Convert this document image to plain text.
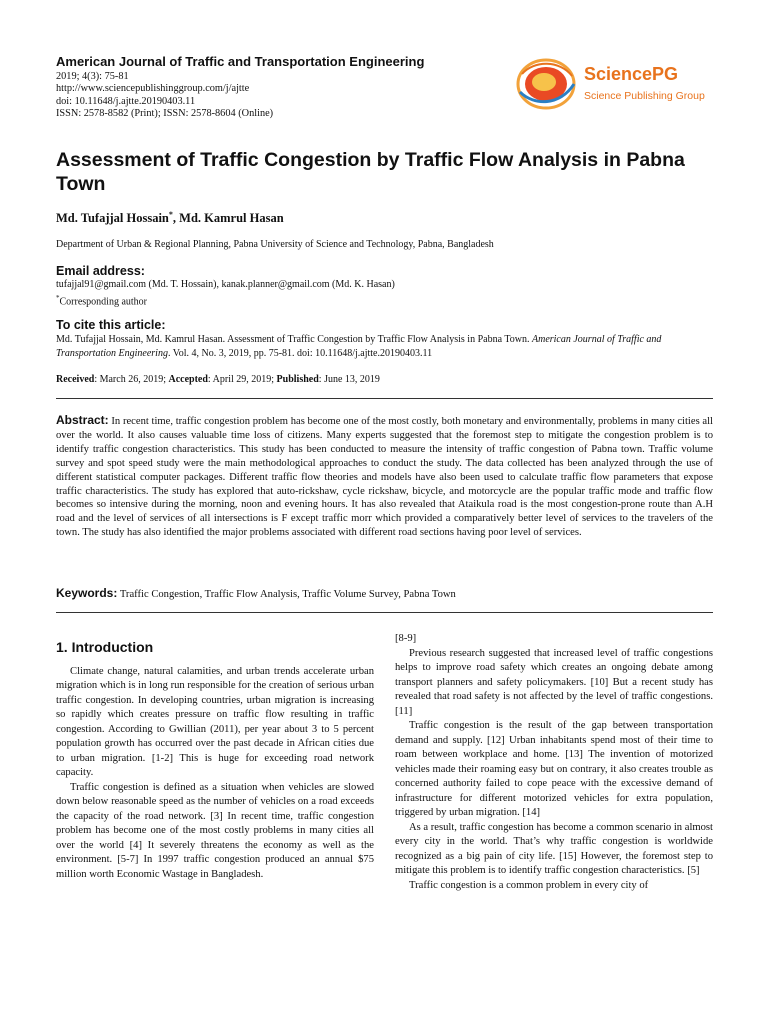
American Journal of Traffic and Transportation Engineering
2019; 4(3): 75-81
http://www.sciencepublishinggroup.com/j/ajtte
doi: 10.11648/j.ajtte.20190403.11
ISSN: 2578-8582 (Print); ISSN: 2578-8604 (Online)
SciencePG
Science Publishing Group
Assessment of Traffic Congestion by Traffic Flow Analysis in Pabna Town
Md. Tufajjal Hossain*, Md. Kamrul Hasan
Department of Urban & Regional Planning, Pabna University of Science and Technology, Pabna, Bangladesh
Email address:
tufajjal91@gmail.com (Md. T. Hossain), kanak.planner@gmail.com (Md. K. Hasan)
*Corresponding author
To cite this article:
Md. Tufajjal Hossain, Md. Kamrul Hasan. Assessment of Traffic Congestion by Traffic Flow Analysis in Pabna Town. American Journal of Traffic and Transportation Engineering. Vol. 4, No. 3, 2019, pp. 75-81. doi: 10.11648/j.ajtte.20190403.11
Received: March 26, 2019; Accepted: April 29, 2019; Published: June 13, 2019

Abstract: In recent time, traffic congestion problem has become one of the most costly, both monetary and environmentally, problems in many cities all over the world. It also causes valuable time loss of citizens. Many experts suggested that the foremost step to mitigate the congestion problem is to identify traffic congestion characteristics. This study has been conducted to measure the intensity of traffic congestion of Pabna town. Traffic volume survey and spot speed study were the main methodological approaches to conduct the study. The data collected has been analyzed through the use of different statistical computer packages. Different traffic flow theories and models have also been used to calculate traffic flow parameters that expose traffic characteristics. The study has explored that auto-rickshaw, cycle rickshaw, bicycle, and motorcycle are the popular traffic mode and traffic flow becomes so intensive during the morning, noon and evening hours. It has also revealed that Ataikula road is the most congestion-prone route than A.H road and the level of services of all intersections is F except traffic morr which provided a comparatively better level of services to the travelers of the town. The study has also identified the major problems associated with different road sections having poor level of services.

Keywords: Traffic Congestion, Traffic Flow Analysis, Traffic Volume Survey, Pabna Town
1. Introduction

Climate change, natural calamities, and urban trends accelerate urban migration which is in long run responsible for the creation of serious urban traffic congestion. In developing countries, urban migration is increasing so rapidly which creates pressure on traffic flow resulting in traffic congestion. According to Gwillian (2011), per year about 3 to 5 percent population growth has occurred over the past decade in African cities due to urban migration. [1-2] This is huge for exceeding road network capacity.

Traffic congestion is defined as a situation when vehicles are slowed down below reasonable speed as the number of vehicles on a road exceeds the capacity of the road network. [3] In recent time, traffic congestion problem has become one of the most costly problems in many cities all over the world [4] It severely threatens the economy as well as the environment. [5-7] In 1997 traffic congestion produced an annual $75 million worth Economic Wastage in Bangladesh.

[8-9]

Previous research suggested that increased level of traffic congestions helps to improve road safety which creates an ongoing debate among transport planners and safety policymakers. [10] But a recent study has revealed that road safety is not affected by the level of traffic congestions. [11]

Traffic congestion is the result of the gap between transportation demand and supply. [12] Urban inhabitants spend most of their time to roam between workplace and home. [13] The invention of motorized vehicles made their roaming easy but on contrary, it also creates trouble as concerned authority failed to cope peace with the excessive demand of infrastructure for different motorized vehicles for extra population, triggered by urban migration. [14]

As a result, traffic congestion has become a common scenario in almost every city in the world. That’s why traffic congestion is worldwide recognized as a big pain of city life. [15] However, the foremost step to mitigate this problem is to identify traffic congestion characteristics. [5]

Traffic congestion is a common problem in every city of
